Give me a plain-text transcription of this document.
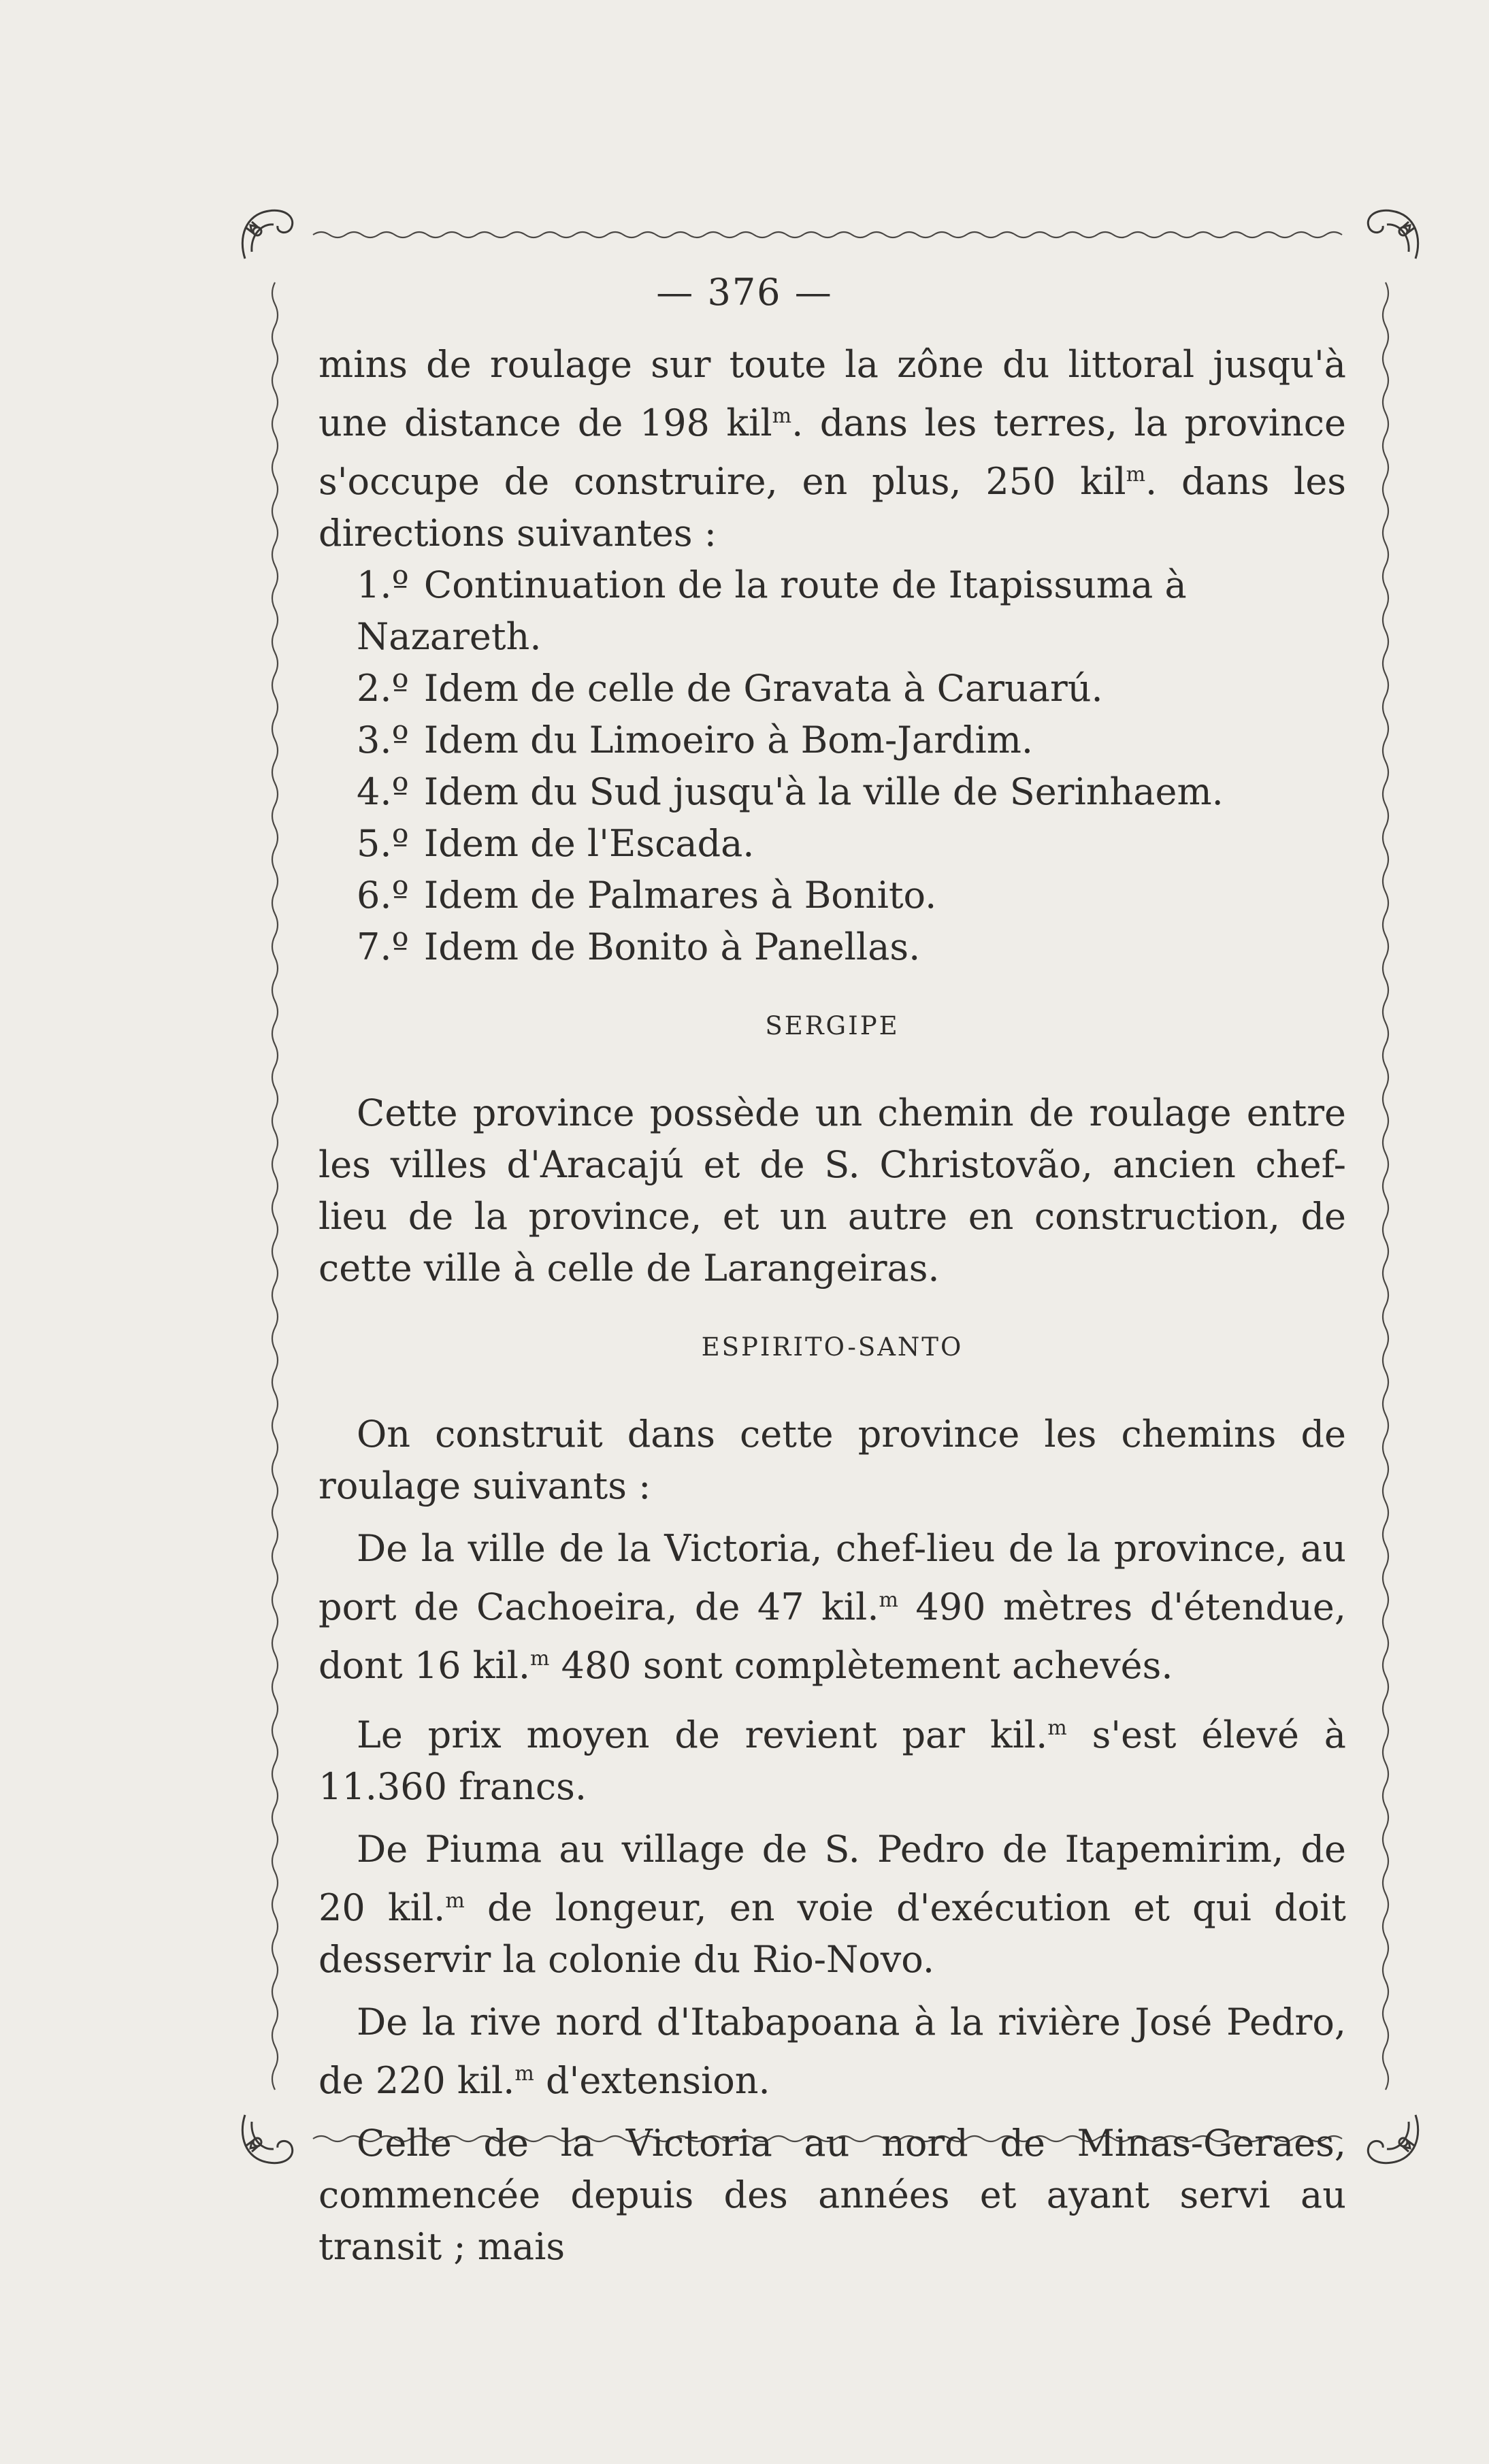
— 376 —

mins de roulage sur toute la zône du littoral jusqu'à une distance de 198 kil$^m$. dans les terres, la province s'occupe de construire, en plus, 250 kil$^m$. dans les directions suivantes :

1.º Continuation de la route de Itapissuma à Nazareth.
2.º Idem de celle de Gravata à Caruarú.
3.º Idem du Limoeiro à Bom-Jardim.
4.º Idem du Sud jusqu'à la ville de Serinhaem.
5.º Idem de l'Escada.
6.º Idem de Palmares à Bonito.
7.º Idem de Bonito à Panellas.
SERGIPE

Cette province possède un chemin de roulage entre les villes d'Aracajú et de S. Christovão, ancien chef-lieu de la province, et un autre en construction, de cette ville à celle de Larangeiras.

ESPIRITO-SANTO

On construit dans cette province les chemins de roulage suivants :

De la ville de la Victoria, chef-lieu de la province, au port de Cachoeira, de 47 kil.$^m$ 490 mètres d'étendue, dont 16 kil.$^m$ 480 sont complètement achevés.

Le prix moyen de revient par kil.$^m$ s'est élevé à 11.360 francs.

De Piuma au village de S. Pedro de Itapemirim, de 20 kil.$^m$ de longeur, en voie d'exécution et qui doit desservir la colonie du Rio-Novo.

De la rive nord d'Itabapoana à la rivière José Pedro, de 220 kil.$^m$ d'extension.

Celle de la Victoria au nord de Minas-Geraes, commencée depuis des années et ayant servi au transit ; mais
